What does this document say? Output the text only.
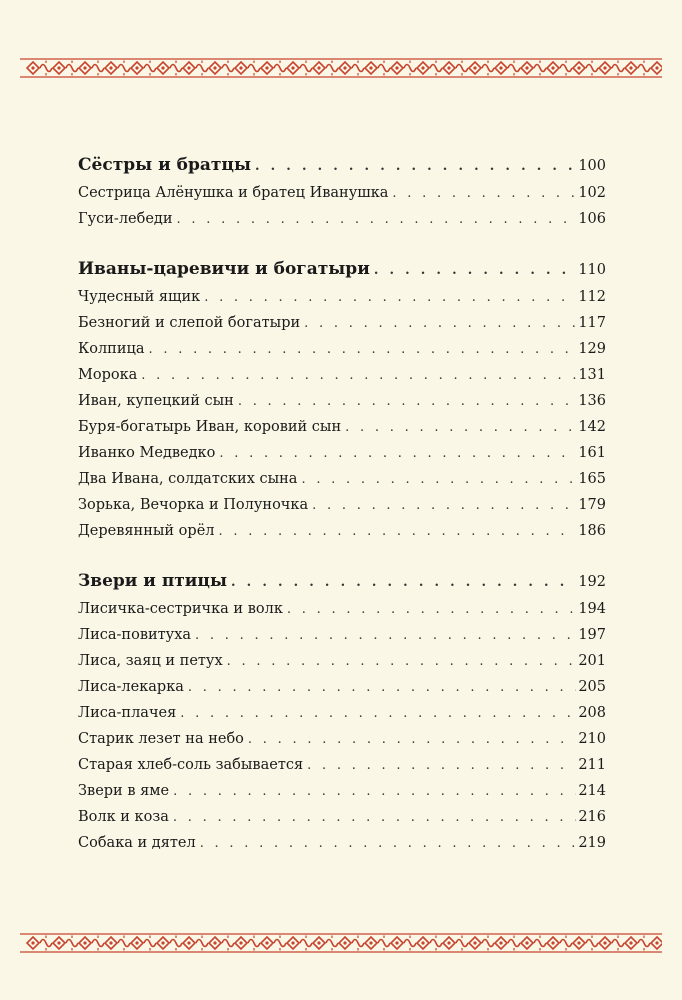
Сёстры и братцы . . .	100
Сестрица Алёнушка и братец Иванушка . . .	102
Гуси-лебеди . . .	106
Иваны-царевичи и богатыри . . .	110
Чудесный ящик . . .	112
Безногий и слепой богатыри . . .	117
Колпица . . .	129
Морока . . .	131
Иван, купецкий сын . . .	136
Буря-богатырь Иван, коровий сын . . .	142
Иванко Медведко . . .	161
Два Ивана, солдатских сына . . .	165
Зорька, Вечорка и Полуночка . . .	179
Деревянный орёл . . .	186
Звери и птицы . . .	192
Лисичка-сестричка и волк . . .	194
Лиса-повитуха . . .	197
Лиса, заяц и петух . . .	201
Лиса-лекарка . . .	205
Лиса-плачея . . .	208
Старик лезет на небо . . .	210
Старая хлеб-соль забывается . . .	211
Звери в яме . . .	214
Волк и коза . . .	216
Собака и дятел . . .	219
